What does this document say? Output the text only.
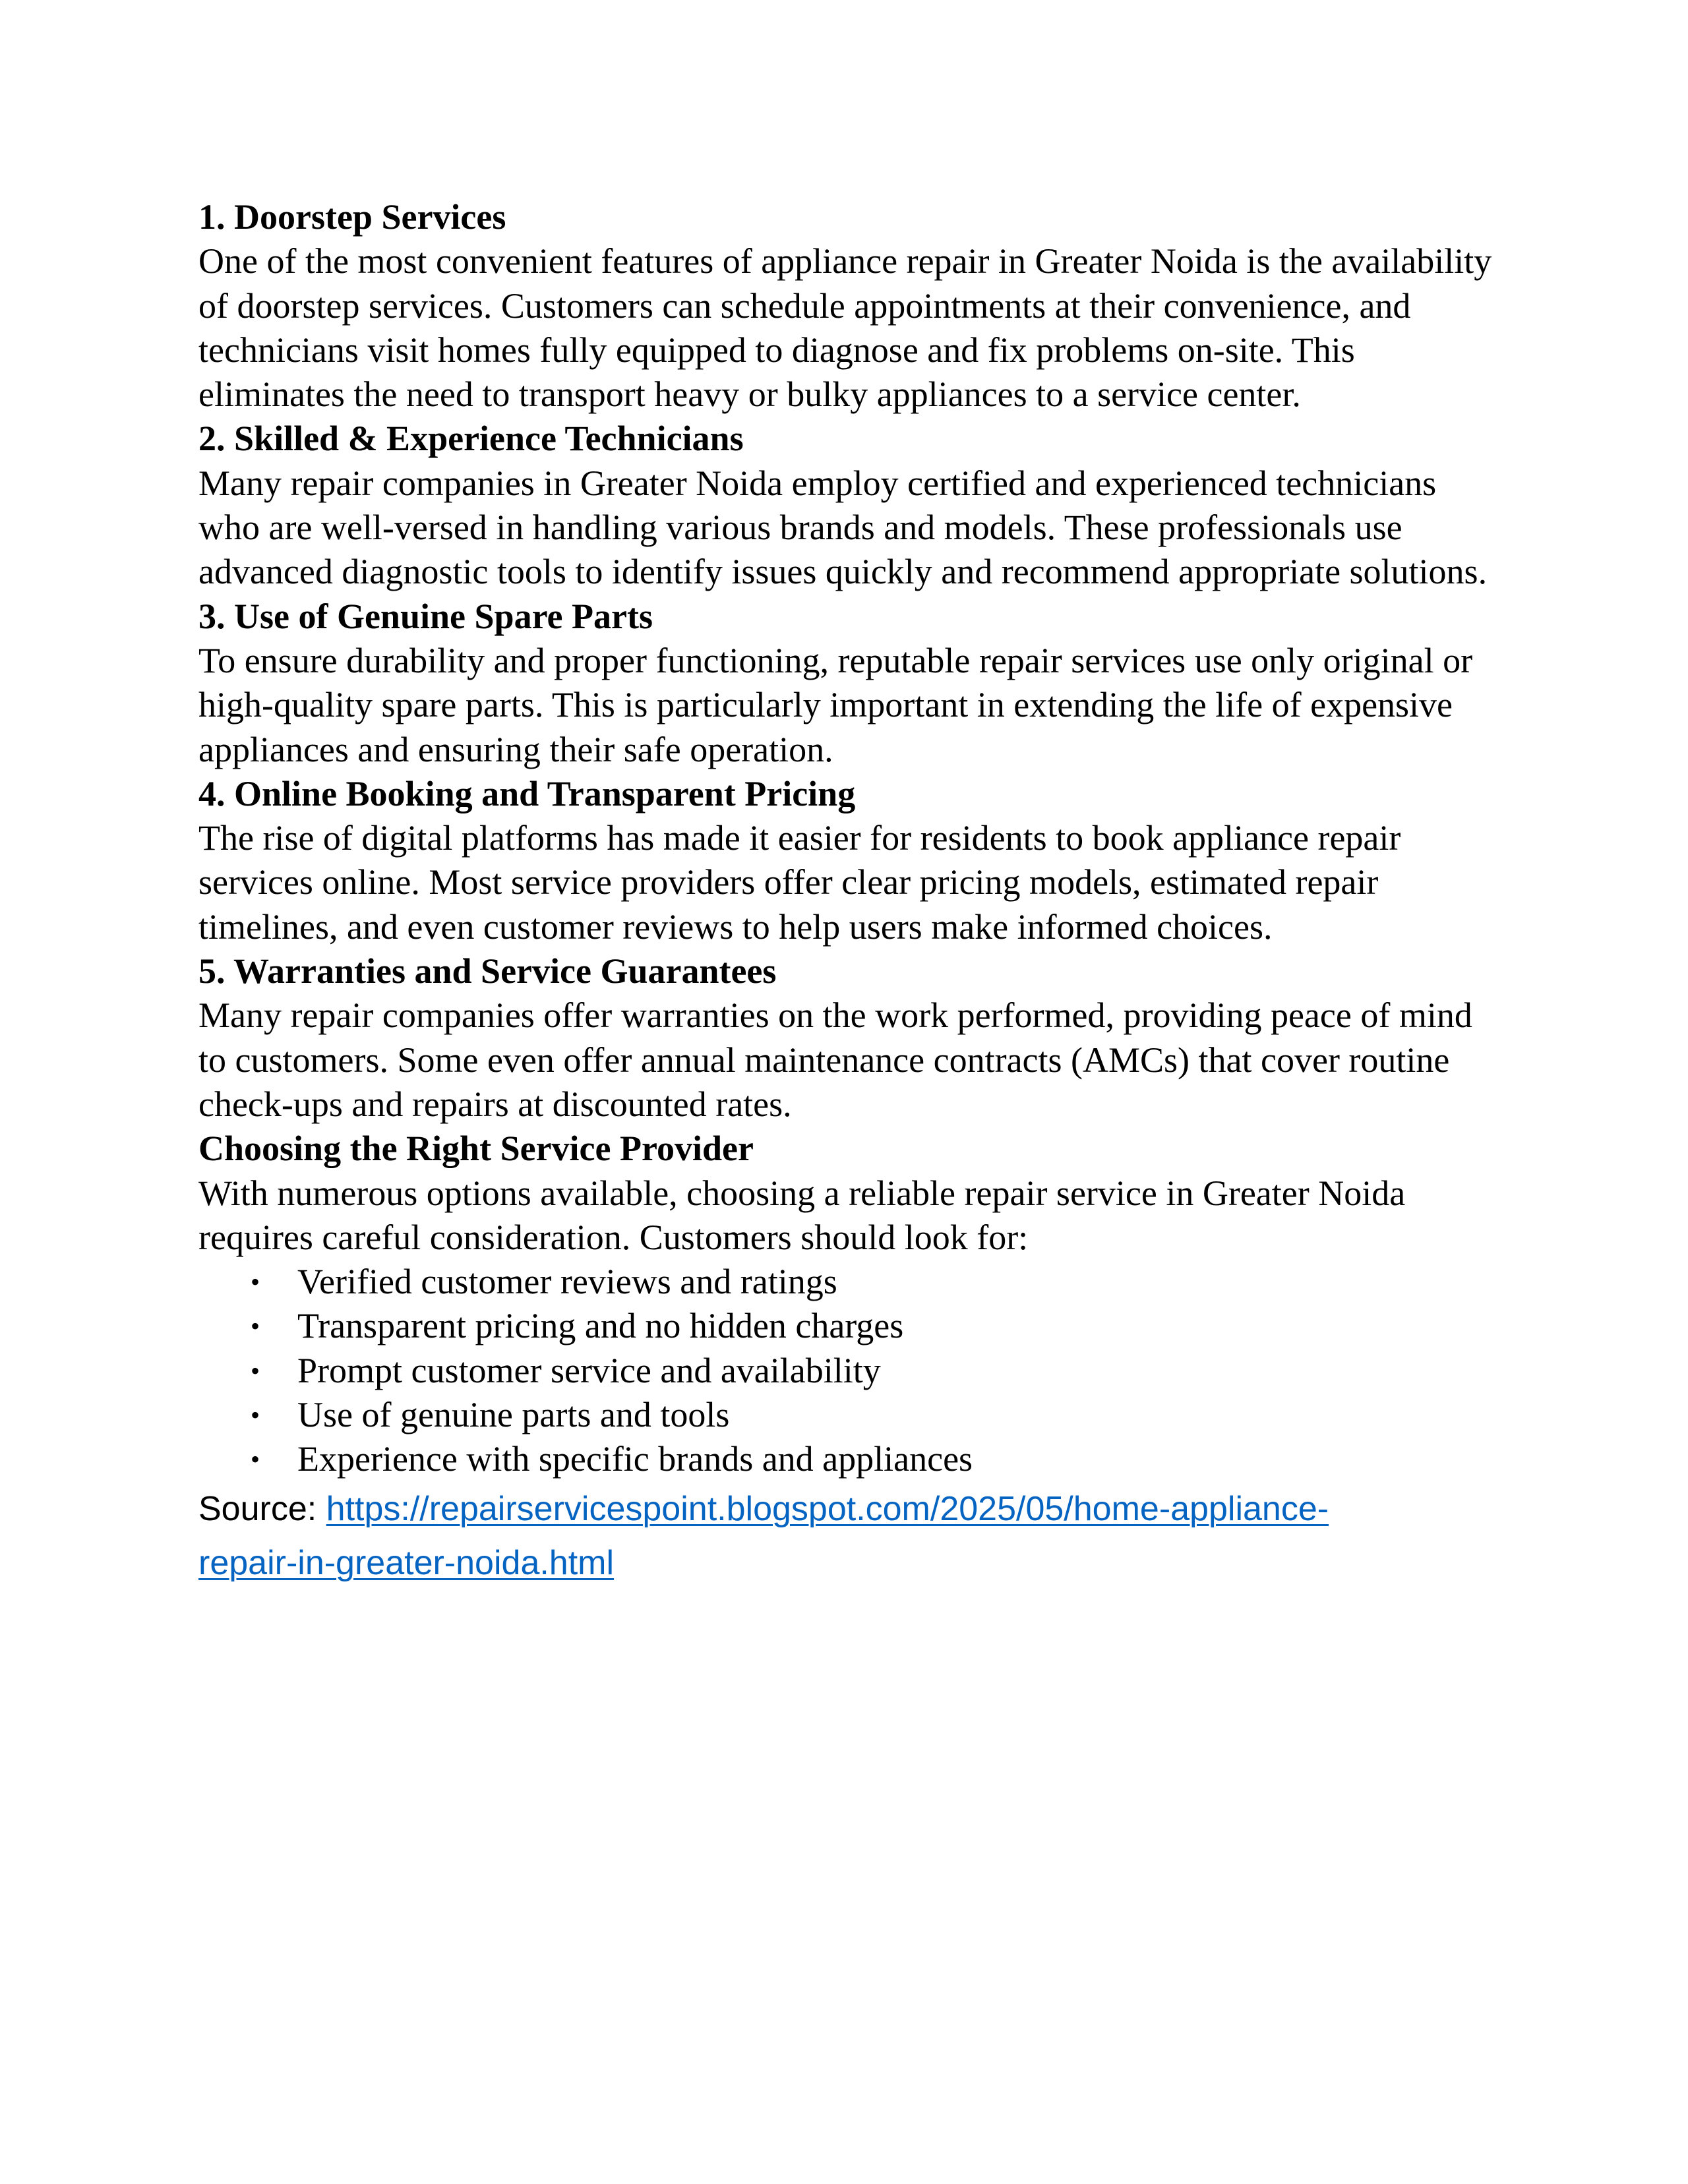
1. Doorstep Services

One of the most convenient features of appliance repair in Greater Noida is the availability of doorstep services. Customers can schedule appointments at their convenience, and technicians visit homes fully equipped to diagnose and fix problems on-site. This eliminates the need to transport heavy or bulky appliances to a service center.

2. Skilled & Experience Technicians

Many repair companies in Greater Noida employ certified and experienced technicians who are well-versed in handling various brands and models. These professionals use advanced diagnostic tools to identify issues quickly and recommend appropriate solutions.

3. Use of Genuine Spare Parts

To ensure durability and proper functioning, reputable repair services use only original or high-quality spare parts. This is particularly important in extending the life of expensive appliances and ensuring their safe operation.

4. Online Booking and Transparent Pricing

The rise of digital platforms has made it easier for residents to book appliance repair services online. Most service providers offer clear pricing models, estimated repair timelines, and even customer reviews to help users make informed choices.

5. Warranties and Service Guarantees

Many repair companies offer warranties on the work performed, providing peace of mind to customers. Some even offer annual maintenance contracts (AMCs) that cover routine check-ups and repairs at discounted rates.

Choosing the Right Service Provider

With numerous options available, choosing a reliable repair service in Greater Noida requires careful consideration. Customers should look for:

• Verified customer reviews and ratings
• Transparent pricing and no hidden charges
• Prompt customer service and availability
• Use of genuine parts and tools
• Experience with specific brands and appliances

Source: https://repairservicespoint.blogspot.com/2025/05/home-appliance-
repair-in-greater-noida.html
